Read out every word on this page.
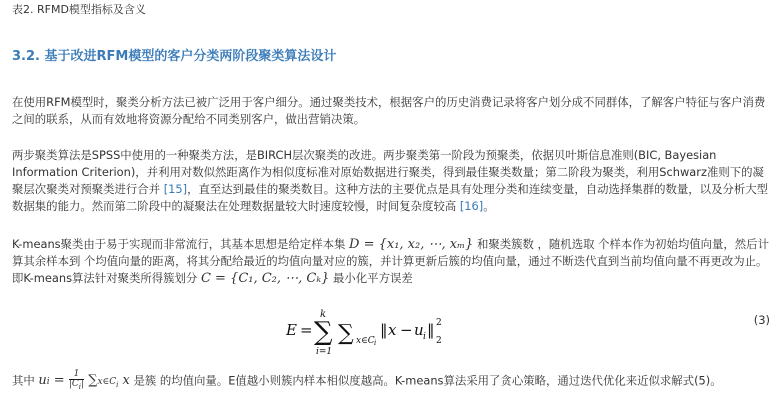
表2. RFMD模型指标及含义
3.2. 基于改进RFM模型的客户分类两阶段聚类算法设计
在使用RFM模型时，聚类分析方法已被广泛用于客户细分。通过聚类技术，根据客户的历史消费记录将客户划分成不同群体，了解客户特征与客户消费之间的联系，从而有效地将资源分配给不同类别客户，做出营销决策。
两步聚类算法是SPSS中使用的一种聚类方法，是BIRCH层次聚类的改进。两步聚类第一阶段为预聚类，依据贝叶斯信息准则(BIC, Bayesian Information Criterion)，并利用对数似然距离作为相似度标准对原始数据进行聚类，得到最佳聚类数量；第二阶段为聚类，利用Schwarz准则下的凝聚层次聚类对预聚类进行合并 [15]，直至达到最佳的聚类数目。这种方法的主要优点是具有处理分类和连续变量，自动选择集群的数量，以及分析大型数据集的能力。然而第二阶段中的凝聚法在处理数据量较大时速度较慢，时间复杂度较高 [16]。
K-means聚类由于易于实现而非常流行，其基本思想是给定样本集 D = {x₁, x₂, ⋯, xₘ} 和聚类簇数 ，随机选取 个样本作为初始均值向量，然后计算其余样本到 个均值向量的距离，将其分配给最近的均值向量对应的簇，并计算更新后簇的均值向量，通过不断迭代直到当前均值向量不再更改为止。即K-means算法针对聚类所得簇划分 C = {C₁, C₂, ⋯, Cₖ} 最小化平方误差
E =
k
∑
i=1
∑ x∈C i
‖ x − u i ‖ 2
2
(3)
其中 ui = $\frac{1}{|C_i|}$ $\sum x\in C_i$ x 是簇 的均值向量。E值越小则簇内样本相似度越高。K-means算法采用了贪心策略，通过迭代优化来近似求解式(5)。
